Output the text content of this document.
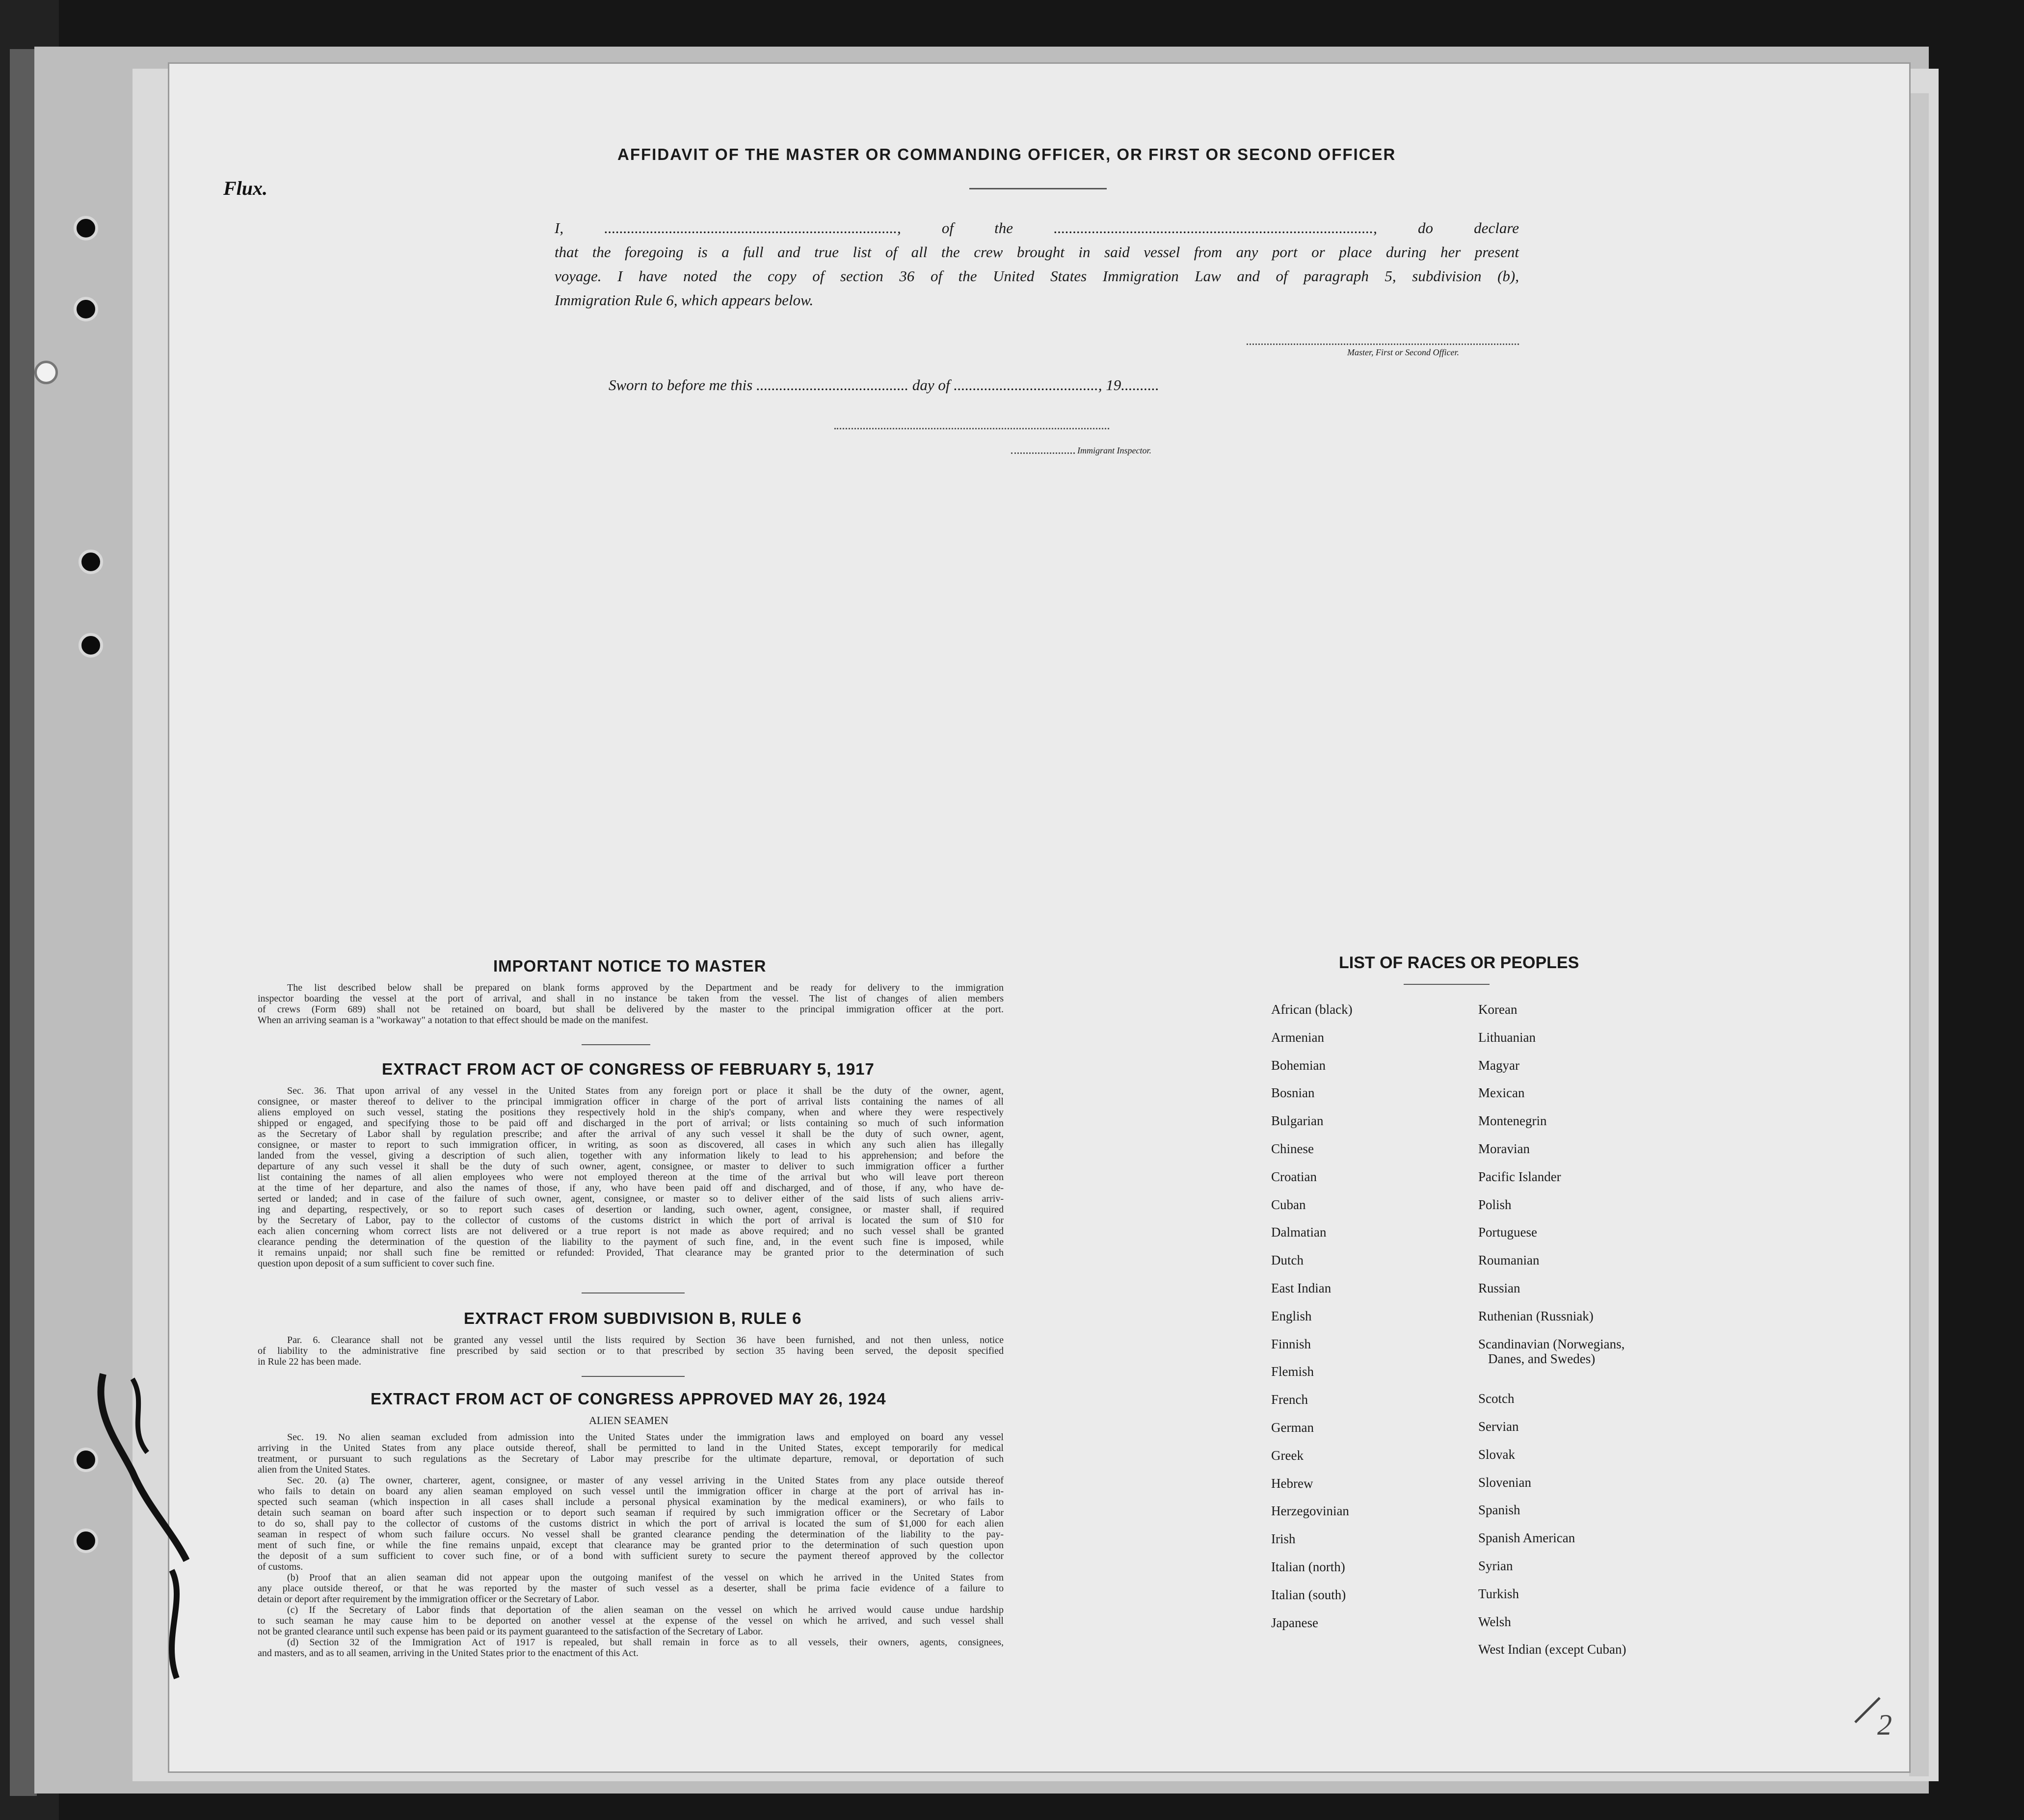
Flux.
AFFIDAVIT OF THE MASTER OR COMMANDING OFFICER, OR FIRST OR SECOND OFFICER
I, ............................................................................., of the ...................................................................................., do declare
that the foregoing is a full and true list of all the crew brought in said vessel from any port or place during her present
voyage. I have noted the copy of section 36 of the United States Immigration Law and of paragraph 5, subdivision (b),
Immigration Rule 6, which appears below.
Master, First or Second Officer.
Sworn to before me this ........................................ day of ......................................, 19..........
Immigrant Inspector.
IMPORTANT NOTICE TO MASTER
The list described below shall be prepared on blank forms approved by the Department and be ready for delivery to the immigration
inspector boarding the vessel at the port of arrival, and shall in no instance be taken from the vessel. The list of changes of alien members
of crews (Form 689) shall not be retained on board, but shall be delivered by the master to the principal immigration officer at the port.
When an arriving seaman is a "workaway" a notation to that effect should be made on the manifest.
EXTRACT FROM ACT OF CONGRESS OF FEBRUARY 5, 1917
Sec. 36. That upon arrival of any vessel in the United States from any foreign port or place it shall be the duty of the owner, agent,
consignee, or master thereof to deliver to the principal immigration officer in charge of the port of arrival lists containing the names of all
aliens employed on such vessel, stating the positions they respectively hold in the ship's company, when and where they were respectively
shipped or engaged, and specifying those to be paid off and discharged in the port of arrival; or lists containing so much of such information
as the Secretary of Labor shall by regulation prescribe; and after the arrival of any such vessel it shall be the duty of such owner, agent,
consignee, or master to report to such immigration officer, in writing, as soon as discovered, all cases in which any such alien has illegally
landed from the vessel, giving a description of such alien, together with any information likely to lead to his apprehension; and before the
departure of any such vessel it shall be the duty of such owner, agent, consignee, or master to deliver to such immigration officer a further
list containing the names of all alien employees who were not employed thereon at the time of the arrival but who will leave port thereon
at the time of her departure, and also the names of those, if any, who have been paid off and discharged, and of those, if any, who have de-
serted or landed; and in case of the failure of such owner, agent, consignee, or master so to deliver either of the said lists of such aliens arriv-
ing and departing, respectively, or so to report such cases of desertion or landing, such owner, agent, consignee, or master shall, if required
by the Secretary of Labor, pay to the collector of customs of the customs district in which the port of arrival is located the sum of $10 for
each alien concerning whom correct lists are not delivered or a true report is not made as above required; and no such vessel shall be granted
clearance pending the determination of the question of the liability to the payment of such fine, and, in the event such fine is imposed, while
it remains unpaid; nor shall such fine be remitted or refunded: Provided, That clearance may be granted prior to the determination of such
question upon deposit of a sum sufficient to cover such fine.
EXTRACT FROM SUBDIVISION B, RULE 6
Par. 6. Clearance shall not be granted any vessel until the lists required by Section 36 have been furnished, and not then unless, notice
of liability to the administrative fine prescribed by said section or to that prescribed by section 35 having been served, the deposit specified
in Rule 22 has been made.
EXTRACT FROM ACT OF CONGRESS APPROVED MAY 26, 1924
ALIEN SEAMEN
Sec. 19. No alien seaman excluded from admission into the United States under the immigration laws and employed on board any vessel
arriving in the United States from any place outside thereof, shall be permitted to land in the United States, except temporarily for medical
treatment, or pursuant to such regulations as the Secretary of Labor may prescribe for the ultimate departure, removal, or deportation of such
alien from the United States.
Sec. 20. (a) The owner, charterer, agent, consignee, or master of any vessel arriving in the United States from any place outside thereof
who fails to detain on board any alien seaman employed on such vessel until the immigration officer in charge at the port of arrival has in-
spected such seaman (which inspection in all cases shall include a personal physical examination by the medical examiners), or who fails to
detain such seaman on board after such inspection or to deport such seaman if required by such immigration officer or the Secretary of Labor
to do so, shall pay to the collector of customs of the customs district in which the port of arrival is located the sum of $1,000 for each alien
seaman in respect of whom such failure occurs. No vessel shall be granted clearance pending the determination of the liability to the pay-
ment of such fine, or while the fine remains unpaid, except that clearance may be granted prior to the determination of such question upon
the deposit of a sum sufficient to cover such fine, or of a bond with sufficient surety to secure the payment thereof approved by the collector
of customs.
(b) Proof that an alien seaman did not appear upon the outgoing manifest of the vessel on which he arrived in the United States from
any place outside thereof, or that he was reported by the master of such vessel as a deserter, shall be prima facie evidence of a failure to
detain or deport after requirement by the immigration officer or the Secretary of Labor.
(c) If the Secretary of Labor finds that deportation of the alien seaman on the vessel on which he arrived would cause undue hardship
to such seaman he may cause him to be deported on another vessel at the expense of the vessel on which he arrived, and such vessel shall
not be granted clearance until such expense has been paid or its payment guaranteed to the satisfaction of the Secretary of Labor.
(d) Section 32 of the Immigration Act of 1917 is repealed, but shall remain in force as to all vessels, their owners, agents, consignees,
and masters, and as to all seamen, arriving in the United States prior to the enactment of this Act.
LIST OF RACES OR PEOPLES
2
African (black)
Armenian
Bohemian
Bosnian
Bulgarian
Chinese
Croatian
Cuban
Dalmatian
Dutch
East Indian
English
Finnish
Flemish
French
German
Greek
Hebrew
Herzegovinian
Irish
Italian (north)
Italian (south)
Japanese
Korean
Lithuanian
Magyar
Mexican
Montenegrin
Moravian
Pacific Islander
Polish
Portuguese
Roumanian
Russian
Ruthenian (Russniak)
Scandinavian (Norwegians,
Danes, and Swedes)
Scotch
Servian
Slovak
Slovenian
Spanish
Spanish American
Syrian
Turkish
Welsh
West Indian (except Cuban)
